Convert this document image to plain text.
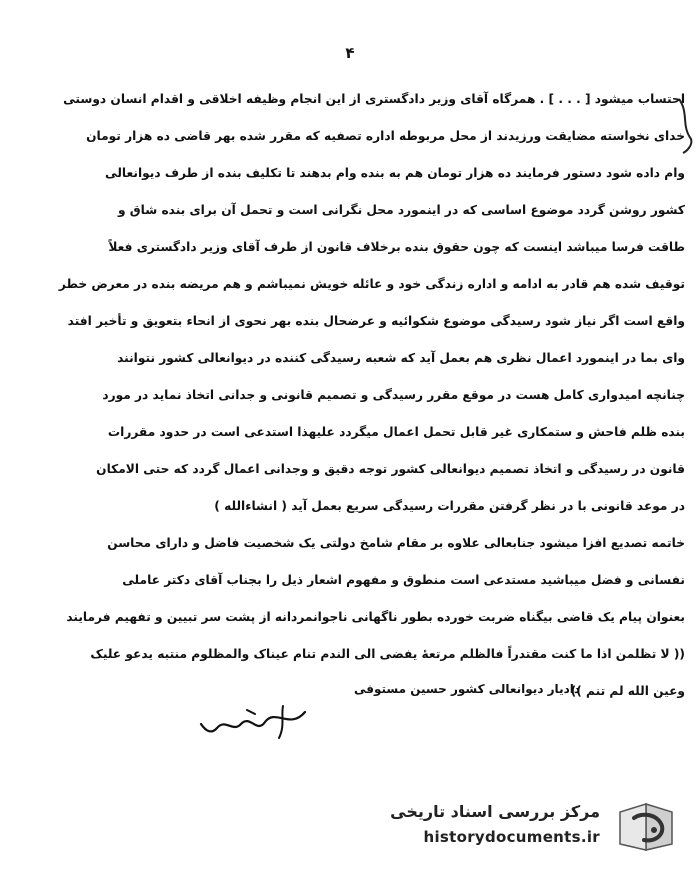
۴
احتساب میشود [ . . . ] . همرگاه آقای وزیر دادگستری از این انجام وظیفه اخلاقی و اقدام انسان دوستی
خدای نخواسته مضایقت ورزیدند از محل مربوطه اداره تصفیه که مقرر شده بهر قاضی ده هزار تومان
وام داده شود دستور فرمایند ده هزار تومان هم به بنده وام بدهند تا تکلیف بنده از طرف دیوانعالی
کشور روشن گردد موضوع اساسی که در اینمورد محل نگرانی است و تحمل آن برای بنده شاق و
طاقت فرسا میباشد اینست که چون حقوق بنده برخلاف قانون از طرف آقای وزیر دادگستری فعلاً
توقیف شده هم قادر به ادامه و اداره زندگی خود و عائله خویش نمیباشم و هم مریضه بنده در معرض خطر
واقع است اگر نیاز شود رسیدگی موضوع شکوائیه و عرضحال بنده بهر نحوی از انحاء بتعویق و تأخیر افتد
وای بما در اینمورد اعمال نظری هم بعمل آید که شعبه رسیدگی کننده در دیوانعالی کشور نتوانند
چنانچه امیدواری کامل هست در موقع مقرر رسیدگی و تصمیم قانونی و جدانی اتخاذ نماید در مورد
بنده ظلم فاحش و ستمکاری غیر قابل تحمل اعمال میگردد علیهذا استدعی است در حدود مقررات
قانون در رسیدگی و اتخاذ تصمیم دیوانعالی کشور توجه دقیق و وجدانی اعمال گردد که حتی الامکان
در موعد قانونی با در نظر گرفتن مقررات رسیدگی سریع بعمل آید ( انشاءالله )
خاتمه تصدیع افزا میشود جنابعالی علاوه بر مقام شامخ دولتی یک شخصیت فاضل و دارای محاسن
نفسانی و فضل میباشید مستدعی است منطوق و مفهوم اشعار ذیل را بجناب آقای دکتر عاملی
بعنوان پیام یک قاضی بیگناه ضربت خورده بطور ناگهانی ناجوانمردانه از پشت سر تبیین و تفهیم فرمایند
(( لا تظلمن اذا ما کنت مقتدراً فالظلم مرتعهٔ یفضی الی الندم تنام عیناک والمظلوم منتبه یدعو علیک
وعین الله لم تنم ))
دادیار دیوانعالی کشور حسین مستوفی
مرکز بررسی اسناد تاریخی
historydocuments.ir
